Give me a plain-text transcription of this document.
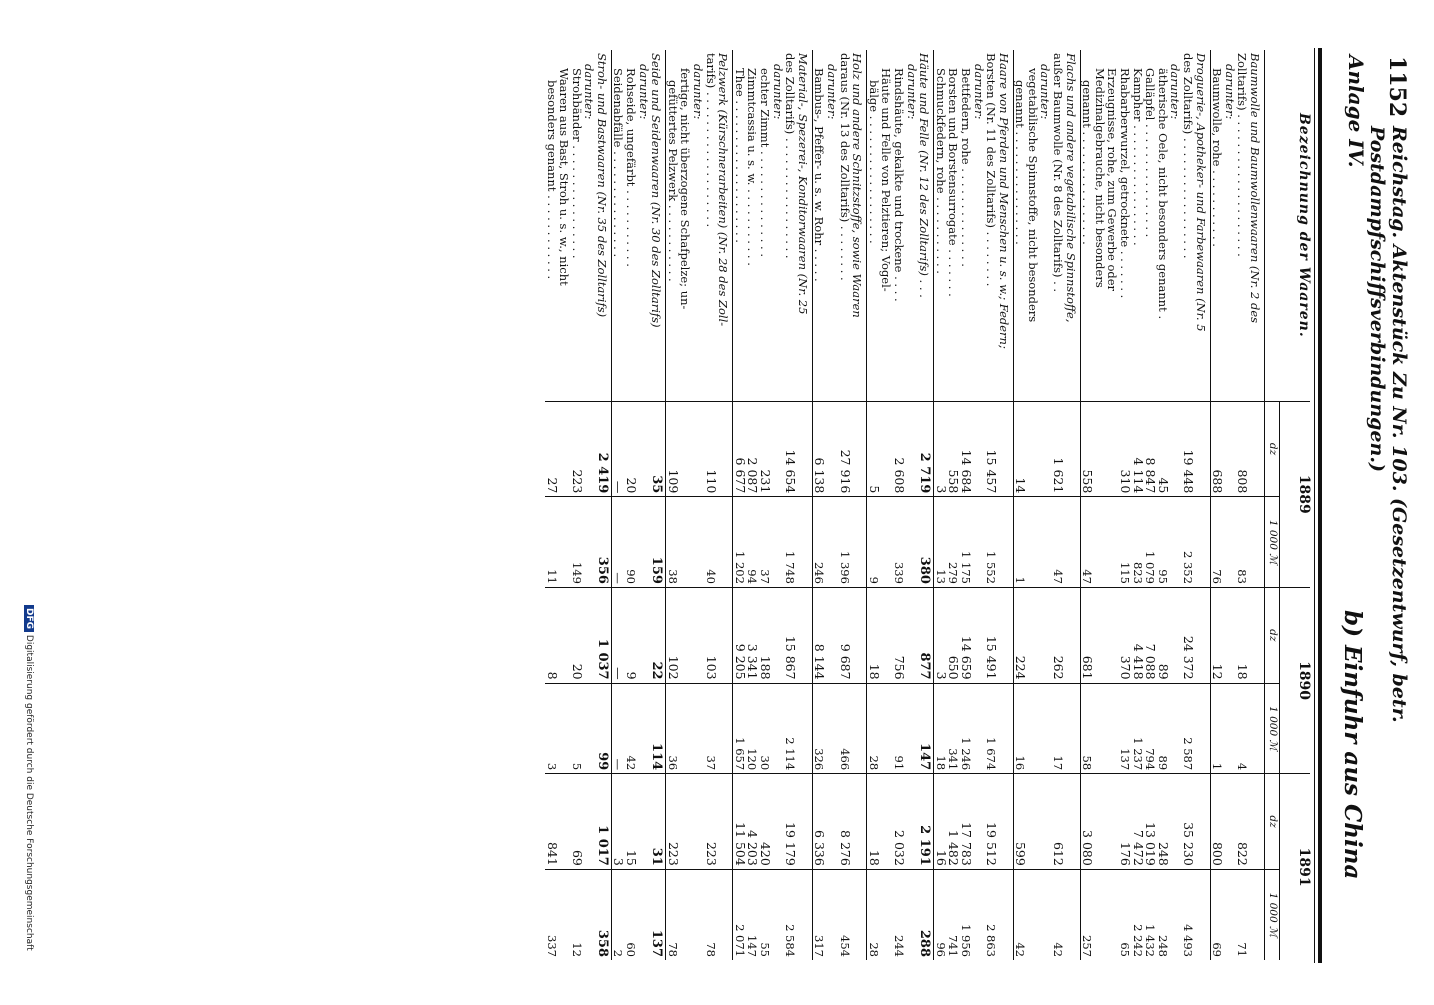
1152
Reichstag. Aktenstück Zu Nr. 103. (Gesetzentwurf, betr. Postdampfschiffsverbindungen.)
Anlage IV.
b) Einfuhr aus China
Bezeichnung der Waaren.	1889		1890		1891	
	dz	1 000 ℳ	dz	1 000 ℳ	dz	1 000 ℳ
Baumwolle und Baumwollenwaaren (Nr. 2 des						
Zolltarifs) . . . . . . . . . . . . . . . . . . . .	808	83	18	4	822	71
darunter:						
Baumwolle, rohe . . . . . . . . . . .	688	76	12	1	800	69
Droguerie-, Apotheker- und Farbewaaren (Nr. 5						
des Zolltarifs) . . . . . . . . . . . . . . . . .	19 448	2 352	24 372	2 587	35 230	4 493
darunter:						
ätherische Oele, nicht besonders genannt .	45	95	89	89	248	248
Galläpfel . . . . . . . . . . . . . . . .	8 847	1 079	7 088	794	13 019	1 432
Kampher . . . . . . . . . . . . . . . . .	4 114	823	4 418	1 237	7 472	2 242
Rhabarberwurzel, getrocknete . . . . . . .	310	115	370	137	176	65
Erzeugnisse, rohe, zum Gewerbe oder						
Medizinalgebrauche, nicht besonders						
genannt . . . . . . . . . . . . . . . .	558	47	681	58	3 080	257
Flachs und andere vegetabilische Spinnstoffe,						
außer Baumwolle (Nr. 8 des Zolltarifs) . .	1 621	47	262	17	612	42
darunter:						
vegetabilische Spinnstoffe, nicht besonders						
genannt . . . . . . . . . . . . . . . .	14	1	224	16	599	42
Haare von Pferden und Menschen u. s. w.; Federn;						
Borsten (Nr. 11 des Zolltarifs) . . . . . . . .	15 457	1 552	15 491	1 674	19 512	2 863
darunter:						
Bettfedern, rohe . . . . . . . . . . . . . .	14 684	1 175	14 659	1 246	17 783	1 956
Borsten und Borstensurrogate . . . . . . .	558	279	650	341	1 482	741
Schmuckfedern, rohe . . . . . . . . . . .	3	13	3	18	16	96
Häute und Felle (Nr. 12 des Zolltarifs) . . .	2 719	380	877	147	2 191	288
darunter:						
Rindshäute, gekalkte und trockene . . . .	2 608	339	756	91	2 032	244
Häute und Felle von Pelztieren; Vogel-						
bälge . . . . . . . . . . . . . . . . . .	5	9	18	28	18	28
Holz und andere Schnitzstoffe, sowie Waaren						
daraus (Nr. 13 des Zolltarifs) . . . . . . . .	27 916	1 396	9 687	466	8 276	454
darunter:						
Bambus-, Pfeffer- u. s. w. Rohr . . . . .	6 138	246	8 144	326	6 336	317
Material-, Spezerei-, Konditorwaaren (Nr. 25						
des Zolltarifs) . . . . . . . . . . . . . . . . .	14 654	1 748	15 867	2 114	19 179	2 584
darunter:						
echter Zimmt . . . . . . . . . . . . . . .	231	37	188	30	420	55
Zimmtcassia u. s. w. . . . . . . . . . . .	2 087	94	3 341	120	4 203	147
Thee . . . . . . . . . . . . . . . . . . . .	6 677	1 202	9 205	1 657	11 504	2 071
Pelzwerk (Kürschnerarbeiten) (Nr. 28 des Zoll-						
tarifs) . . . . . . . . . . . . . . . . . . .	110	40	103	37	223	78
darunter:						
fertige, nicht überzogene Schafpelze; un-						
gefüttertes Pelzwerk . . . . . . . . . . .	109	38	102	36	223	78
Seide und Seidenwaaren (Nr. 30 des Zolltarifs)	35	159	22	114	31	137
darunter:						
Rohseide, ungefärbt . . . . . . . . . . .	20	90	9	42	15	60
Seidenabfälle . . . . . . . . . . . . . . .	—	—	—	—	3	2
Stroh- und Bastwaaren (Nr. 35 des Zolltarifs)	2 419	356	1 037	99	1 017	358
darunter:						
Strohbänder . . . . . . . . . . . . . . . .	223	149	20	5	69	12
Waaren aus Bast, Stroh u. s. w., nicht						
besonders genannt . . . . . . . . . . . .	27	11	8	3	841	337
DFG Digitalisierung gefördert durch die Deutsche Forschungsgemeinschaft
